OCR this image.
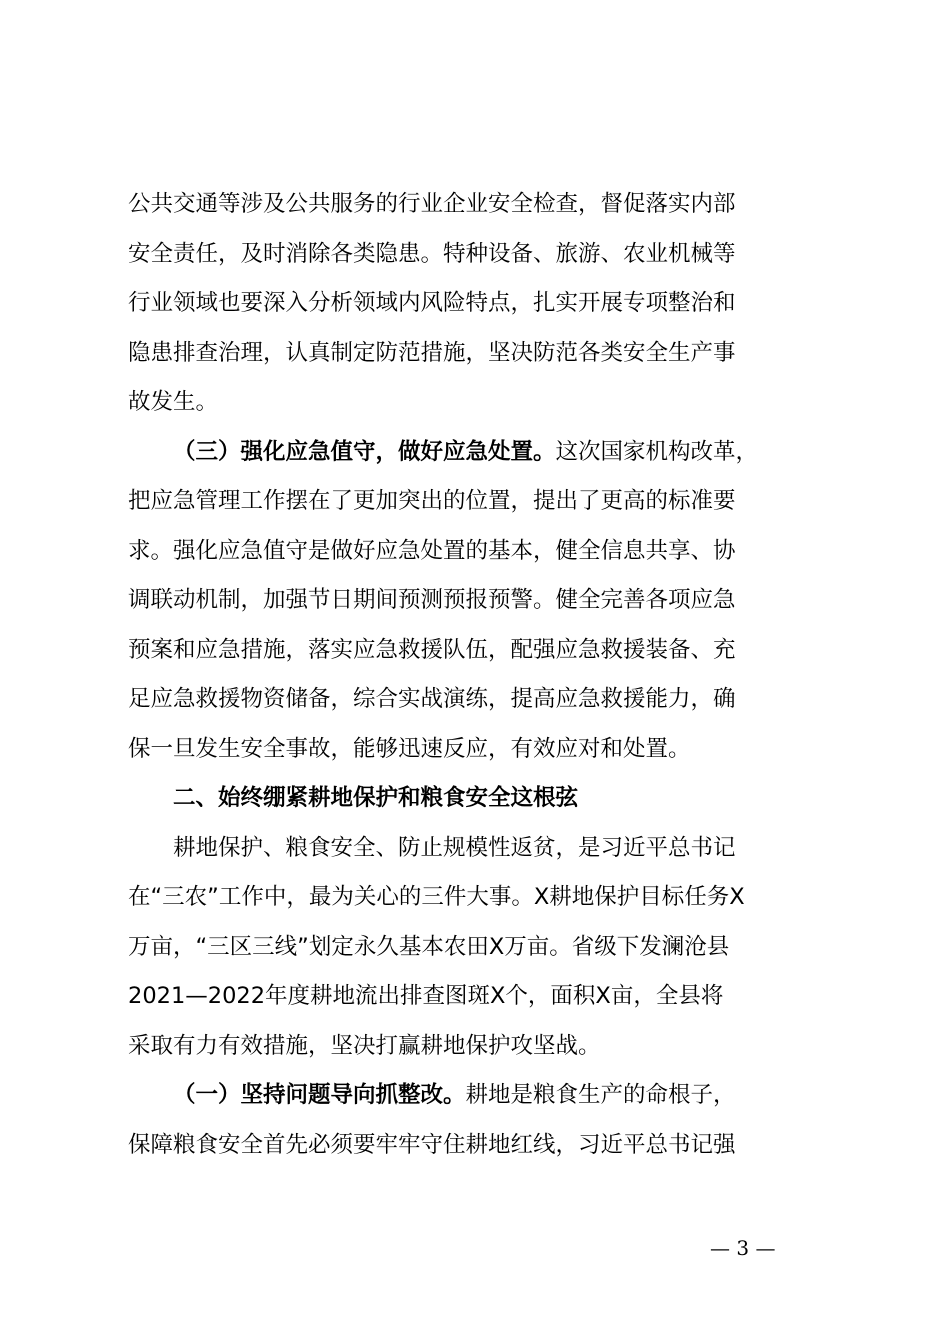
公共交通等涉及公共服务的行业企业安全检查，督促落实内部
安全责任，及时消除各类隐患。特种设备、旅游、农业机械等
行业领域也要深入分析领域内风险特点，扎实开展专项整治和
隐患排查治理，认真制定防范措施，坚决防范各类安全生产事
故发生。
（三）强化应急值守，做好应急处置。这次国家机构改革，
把应急管理工作摆在了更加突出的位置，提出了更高的标准要
求。强化应急值守是做好应急处置的基本，健全信息共享、协
调联动机制，加强节日期间预测预报预警。健全完善各项应急
预案和应急措施，落实应急救援队伍，配强应急救援装备、充
足应急救援物资储备，综合实战演练，提高应急救援能力，确
保一旦发生安全事故，能够迅速反应，有效应对和处置。
二、始终绷紧耕地保护和粮食安全这根弦
耕地保护、粮食安全、防止规模性返贫，是习近平总书记
在“三农”工作中，最为关心的三件大事。X耕地保护目标任务X
万亩，“三区三线”划定永久基本农田X万亩。省级下发澜沧县
2021—2022年度耕地流出排查图斑X个，面积X亩，全县将
采取有力有效措施，坚决打赢耕地保护攻坚战。
（一）坚持问题导向抓整改。耕地是粮食生产的命根子，
保障粮食安全首先必须要牢牢守住耕地红线，习近平总书记强
— 3 —
